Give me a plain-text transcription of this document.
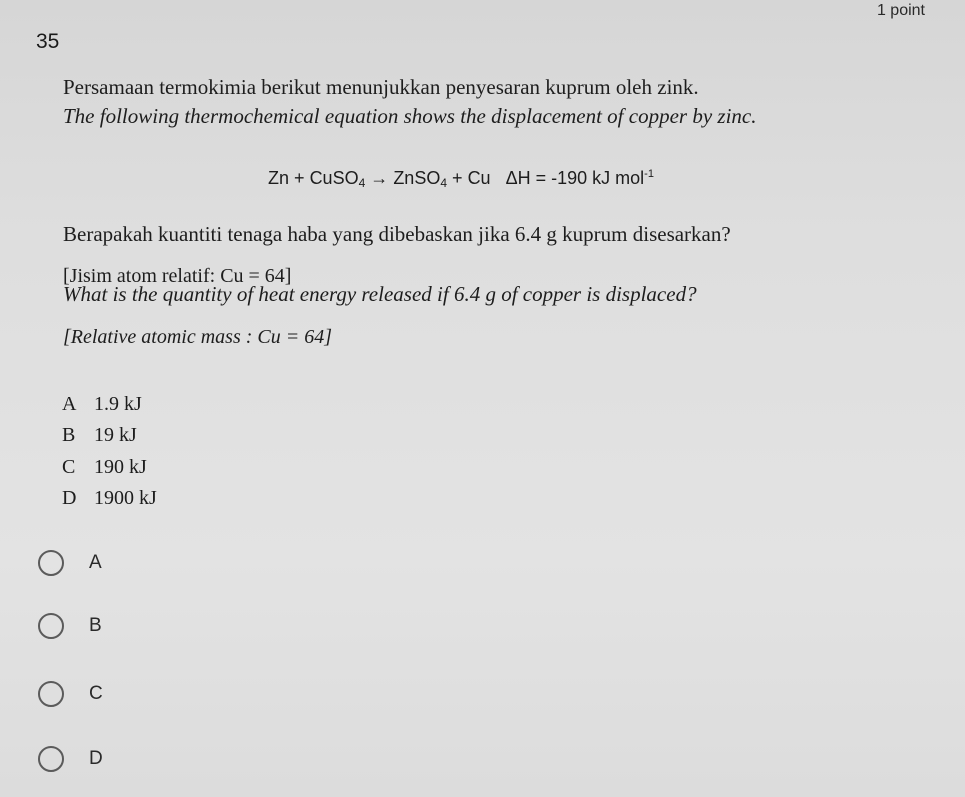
1 point
35
Persamaan termokimia berikut menunjukkan penyesaran kuprum oleh zink.
The following thermochemical equation shows the displacement of copper by zinc.
Zn + CuSO$_4$ → ZnSO$_4$ + Cu ΔH = -190 kJ mol$^{-1}$
Berapakah kuantiti tenaga haba yang dibebaskan jika 6.4 g kuprum disesarkan?
[Jisim atom relatif: Cu = 64]
What is the quantity of heat energy released if 6.4 g of copper is displaced?
[Relative atomic mass : Cu = 64]
A 1.9 kJ
B 19 kJ
C 190 kJ
D 1900 kJ
A
B
C
D
